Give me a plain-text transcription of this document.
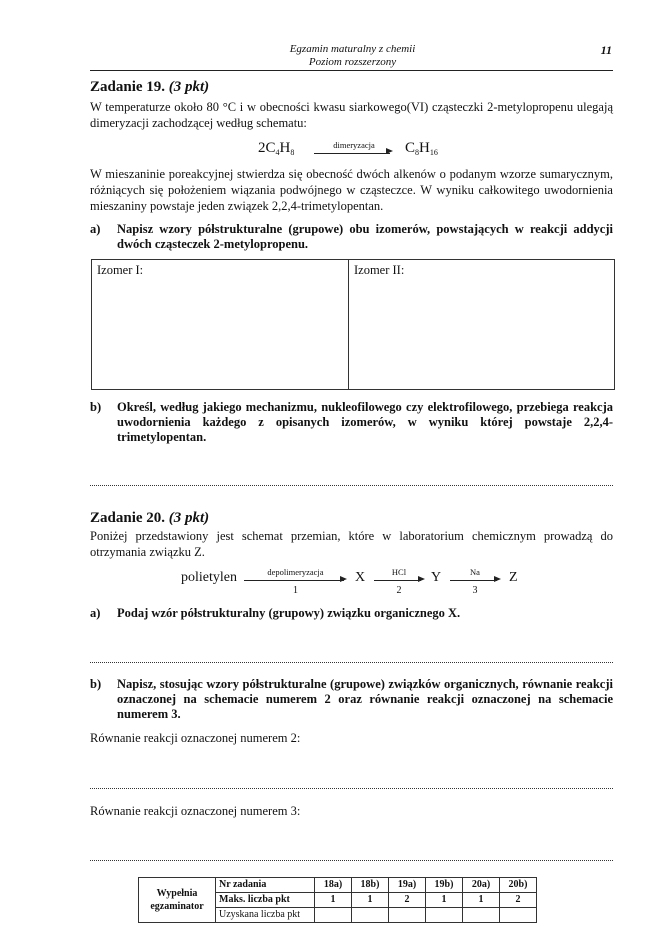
Egzamin maturalny z chemii
Poziom rozszerzony
11
Zadanie 19. (3 pkt)
W temperaturze około 80 °C i w obecności kwasu siarkowego(VI) cząsteczki 2-metylopropenu ulegają dimeryzacji zachodzącej według schematu:
$2C_4H_8$
dimeryzacja	$C_8H_{16}$
W mieszaninie poreakcyjnej stwierdza się obecność dwóch alkenów o podanym wzorze sumarycznym, różniących się położeniem wiązania podwójnego w cząsteczce. W wyniku całkowitego uwodornienia mieszaniny powstaje jeden związek 2,2,4-trimetylopentan.
a) Napisz wzory półstrukturalne (grupowe) obu izomerów, powstających w reakcji addycji dwóch cząsteczek 2-metylopropenu.
Izomer I:	Izomer II:
b) Określ, według jakiego mechanizmu, nukleofilowego czy elektrofilowego, przebiega reakcja uwodornienia każdego z opisanych izomerów, w wyniku której powstaje 2,2,4-trimetylopentan.
Zadanie 20. (3 pkt)
Poniżej przedstawiony jest schemat przemian, które w laboratorium chemicznym prowadzą do otrzymania związku Z.
polietylen	depolimeryzacja
1
X	HCl
2
Y	Na
3
Z
a) Podaj wzór półstrukturalny (grupowy) związku organicznego X.
b) Napisz, stosując wzory półstrukturalne (grupowe) związków organicznych, równanie reakcji oznaczonej na schemacie numerem 2 oraz równanie reakcji oznaczonej na schemacie numerem 3.
Równanie reakcji oznaczonej numerem 2:
Równanie reakcji oznaczonej numerem 3:
Wypełnia
egzaminator	Nr zadania	18a)	18b)	19a)	19b)	20a)	20b)
	Maks. liczba pkt	1	1	2	1	1	2
	Uzyskana liczba pkt						
